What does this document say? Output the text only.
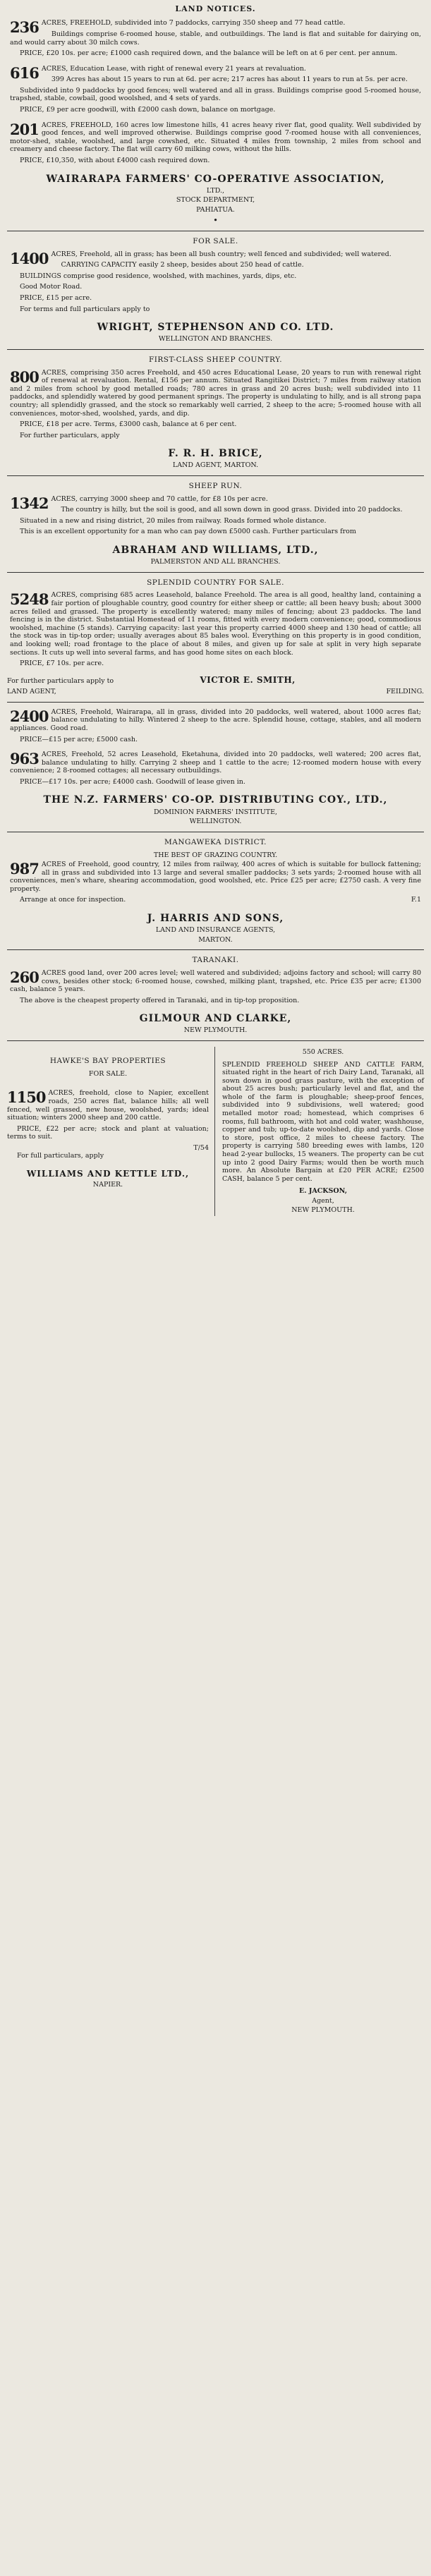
LAND NOTICES.
236 ACRES, FREEHOLD, subdivided into 7 paddocks, carrying 350 sheep and 77 head cattle.
Buildings comprise 6-roomed house, stable, and outbuildings. The land is flat and suitable for dairying on, and would carry about 30 milch cows.
PRICE, £20 10s. per acre; £1000 cash required down, and the balance will be left on at 6 per cent. per annum.
616 ACRES, Education Lease, with right of renewal every 21 years at revaluation.
399 Acres has about 15 years to run at 6d. per acre; 217 acres has about 11 years to run at 5s. per acre.
Subdivided into 9 paddocks by good fences; well watered and all in grass. Buildings comprise good 5-roomed house, trapshed, stable, cowbail, good woolshed, and 4 sets of yards.
PRICE, £9 per acre goodwill, with £2000 cash down, balance on mortgage.
201 ACRES, FREEHOLD, 160 acres low limestone hills, 41 acres heavy river flat, good quality. Well subdivided by good fences, and well improved otherwise. Buildings comprise good 7-roomed house with all conveniences, motor-shed, stable, woolshed, and large cowshed, etc. Situated 4 miles from township, 2 miles from school and creamery and cheese factory. The flat will carry 60 milking cows, without the hills.
PRICE, £10,350, with about £4000 cash required down.
WAIRARAPA FARMERS' CO-OPERATIVE ASSOCIATION,
LTD.,
STOCK DEPARTMENT,
PAHIATUA.
•
FOR SALE.
1400 ACRES, Freehold, all in grass; has been all bush country; well fenced and subdivided; well watered.
CARRYING CAPACITY easily 2 sheep, besides about 250 head of cattle.
BUILDINGS comprise good residence, woolshed, with machines, yards, dips, etc.
Good Motor Road.
PRICE, £15 per acre.
For terms and full particulars apply to
WRIGHT, STEPHENSON AND CO. LTD.
WELLINGTON AND BRANCHES.
FIRST-CLASS SHEEP COUNTRY.
800 ACRES, comprising 350 acres Freehold, and 450 acres Educational Lease, 20 years to run with renewal right of renewal at revaluation. Rental, £156 per annum. Situated Rangitikei District; 7 miles from railway station and 2 miles from school by good metalled roads; 780 acres in grass and 20 acres bush; well subdivided into 11 paddocks, and splendidly watered by good permanent springs. The property is undulating to hilly, and is all strong papa country; all splendidly grassed, and the stock so remarkably well carried, 2 sheep to the acre; 5-roomed house with all conveniences, motor-shed, woolshed, yards, and dip.
PRICE, £18 per acre. Terms, £3000 cash, balance at 6 per cent.
For further particulars, apply
F. R. H. BRICE,
LAND AGENT, MARTON.
SHEEP RUN.
1342 ACRES, carrying 3000 sheep and 70 cattle, for £8 10s per acre.
The country is hilly, but the soil is good, and all sown down in good grass. Divided into 20 paddocks.
Situated in a new and rising district, 20 miles from railway. Roads formed whole distance.
This is an excellent opportunity for a man who can pay down £5000 cash. Further particulars from
ABRAHAM AND WILLIAMS, LTD.,
PALMERSTON AND ALL BRANCHES.
SPLENDID COUNTRY FOR SALE.
5248 ACRES, comprising 685 acres Leasehold, balance Freehold. The area is all good, healthy land, containing a fair portion of ploughable country, good country for either sheep or cattle; all been heavy bush; about 3000 acres felled and grassed. The property is excellently watered; many miles of fencing; about 23 paddocks. The land fencing is in the district. Substantial Homestead of 11 rooms, fitted with every modern convenience; good, commodious woolshed, machine (5 stands). Carrying capacity: last year this property carried 4000 sheep and 130 head of cattle; all the stock was in tip-top order; usually averages about 85 bales wool. Everything on this property is in good condition, and looking well; road frontage to the place of about 8 miles, and given up for sale at split in very high separate sections. It cuts up well into several farms, and has good home sites on each block.
PRICE, £7 10s. per acre.
For further particulars apply to	VICTOR E. SMITH,
LAND AGENT,	FEILDING.
2400 ACRES, Freehold, Wairarapa, all in grass, divided into 20 paddocks, well watered, about 1000 acres flat; balance undulating to hilly. Wintered 2 sheep to the acre. Splendid house, cottage, stables, and all modern appliances. Good road.
PRICE—£15 per acre; £5000 cash.
963 ACRES, Freehold, 52 acres Leasehold, Eketahuna, divided into 20 paddocks, well watered; 200 acres flat, balance undulating to hilly. Carrying 2 sheep and 1 cattle to the acre; 12-roomed modern house with every convenience; 2 8-roomed cottages; all necessary outbuildings.
PRICE—£17 10s. per acre; £4000 cash. Goodwill of lease given in.
THE N.Z. FARMERS' CO-OP. DISTRIBUTING COY., LTD.,
DOMINION FARMERS' INSTITUTE,
WELLINGTON.
MANGAWEKA DISTRICT.
THE BEST OF GRAZING COUNTRY.
987 ACRES of Freehold, good country, 12 miles from railway, 400 acres of which is suitable for bullock fattening; all in grass and subdivided into 13 large and several smaller paddocks; 3 sets yards; 2-roomed house with all conveniences, men's whare, shearing accommodation, good woolshed, etc. Price £25 per acre; £2750 cash. A very fine property.
Arrange at once for inspection.	F.1
J. HARRIS AND SONS,
LAND AND INSURANCE AGENTS,
MARTON.
TARANAKI.
260 ACRES good land, over 200 acres level; well watered and subdivided; adjoins factory and school; will carry 80 cows, besides other stock; 6-roomed house, cowshed, milking plant, trapshed, etc. Price £35 per acre; £1300 cash, balance 5 years.
The above is the cheapest property offered in Taranaki, and in tip-top proposition.
GILMOUR AND CLARKE,
NEW PLYMOUTH.
HAWKE'S BAY PROPERTIES
FOR SALE.
1150 ACRES, freehold, close to Napier, excellent roads, 250 acres flat, balance hills; all well fenced, well grassed, new house, woolshed, yards; ideal situation; winters 2000 sheep and 200 cattle.
PRICE, £22 per acre; stock and plant at valuation; terms to suit.
T/54
For full particulars, apply
WILLIAMS AND KETTLE LTD.,
NAPIER.
550 ACRES.
SPLENDID FREEHOLD SHEEP AND CATTLE FARM, situated right in the heart of rich Dairy Land, Taranaki, all sown down in good grass pasture, with the exception of about 25 acres bush; particularly level and flat, and the whole of the farm is ploughable; sheep-proof fences, subdivided into 9 subdivisions, well watered; good metalled motor road; homestead, which comprises 6 rooms, full bathroom, with hot and cold water, washhouse, copper and tub; up-to-date woolshed, dip and yards. Close to store, post office, 2 miles to cheese factory. The property is carrying 580 breeding ewes with lambs, 120 head 2-year bullocks, 15 weaners. The property can be cut up into 2 good Dairy Farms; would then be worth much more. An Absolute Bargain at £20 PER ACRE; £2500 CASH, balance 5 per cent.
E. JACKSON,
Agent,
NEW PLYMOUTH.
